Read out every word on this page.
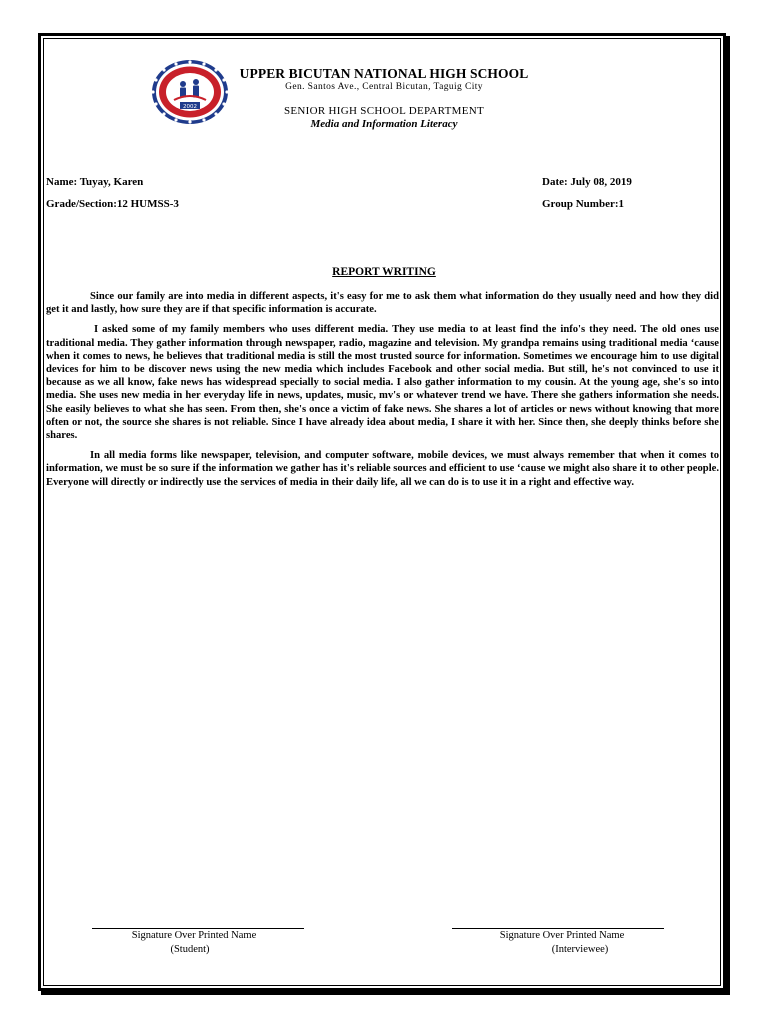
2002
UPPER BICUTAN NATIONAL HIGH SCHOOL
Gen. Santos Ave., Central Bicutan, Taguig City
SENIOR HIGH SCHOOL DEPARTMENT
Media and Information Literacy
Name: Tuyay, Karen	Date: July 08, 2019
Grade/Section:12 HUMSS-3	Group Number:1
REPORT WRITING

Since our family are into media in different aspects, it's easy for me to ask them what information do they usually need and how they did get it and lastly, how sure they are if that specific information is accurate.

I asked some of my family members who uses different media. They use media to at least find the info's they need. The old ones use traditional media. They gather information through newspaper, radio, magazine and television. My grandpa remains using traditional media ‘cause when it comes to news, he believes that traditional media is still the most trusted source for information. Sometimes we encourage him to use digital devices for him to be discover news using the new media which includes Facebook and other social media. But still, he's not convinced to use it because as we all know, fake news has widespread specially to social media. I also gather information to my cousin. At the young age, she's so into media. She uses new media in her everyday life in news, updates, music, mv's or whatever trend we have. There she gathers information she needs. She easily believes to what she has seen. From then, she's once a victim of fake news. She shares a lot of articles or news without knowing that more often or not, the source she shares is not reliable. Since I have already idea about media, I share it with her. Since then, she deeply thinks before she shares.

In all media forms like newspaper, television, and computer software, mobile devices, we must always remember that when it comes to information, we must be so sure if the information we gather has it's reliable sources and efficient to use ‘cause we might also share it to other people. Everyone will directly or indirectly use the services of media in their daily life, all we can do is to use it in a right and effective way.

Signature Over Printed Name
(Student)
Signature Over Printed Name
(Interviewee)
